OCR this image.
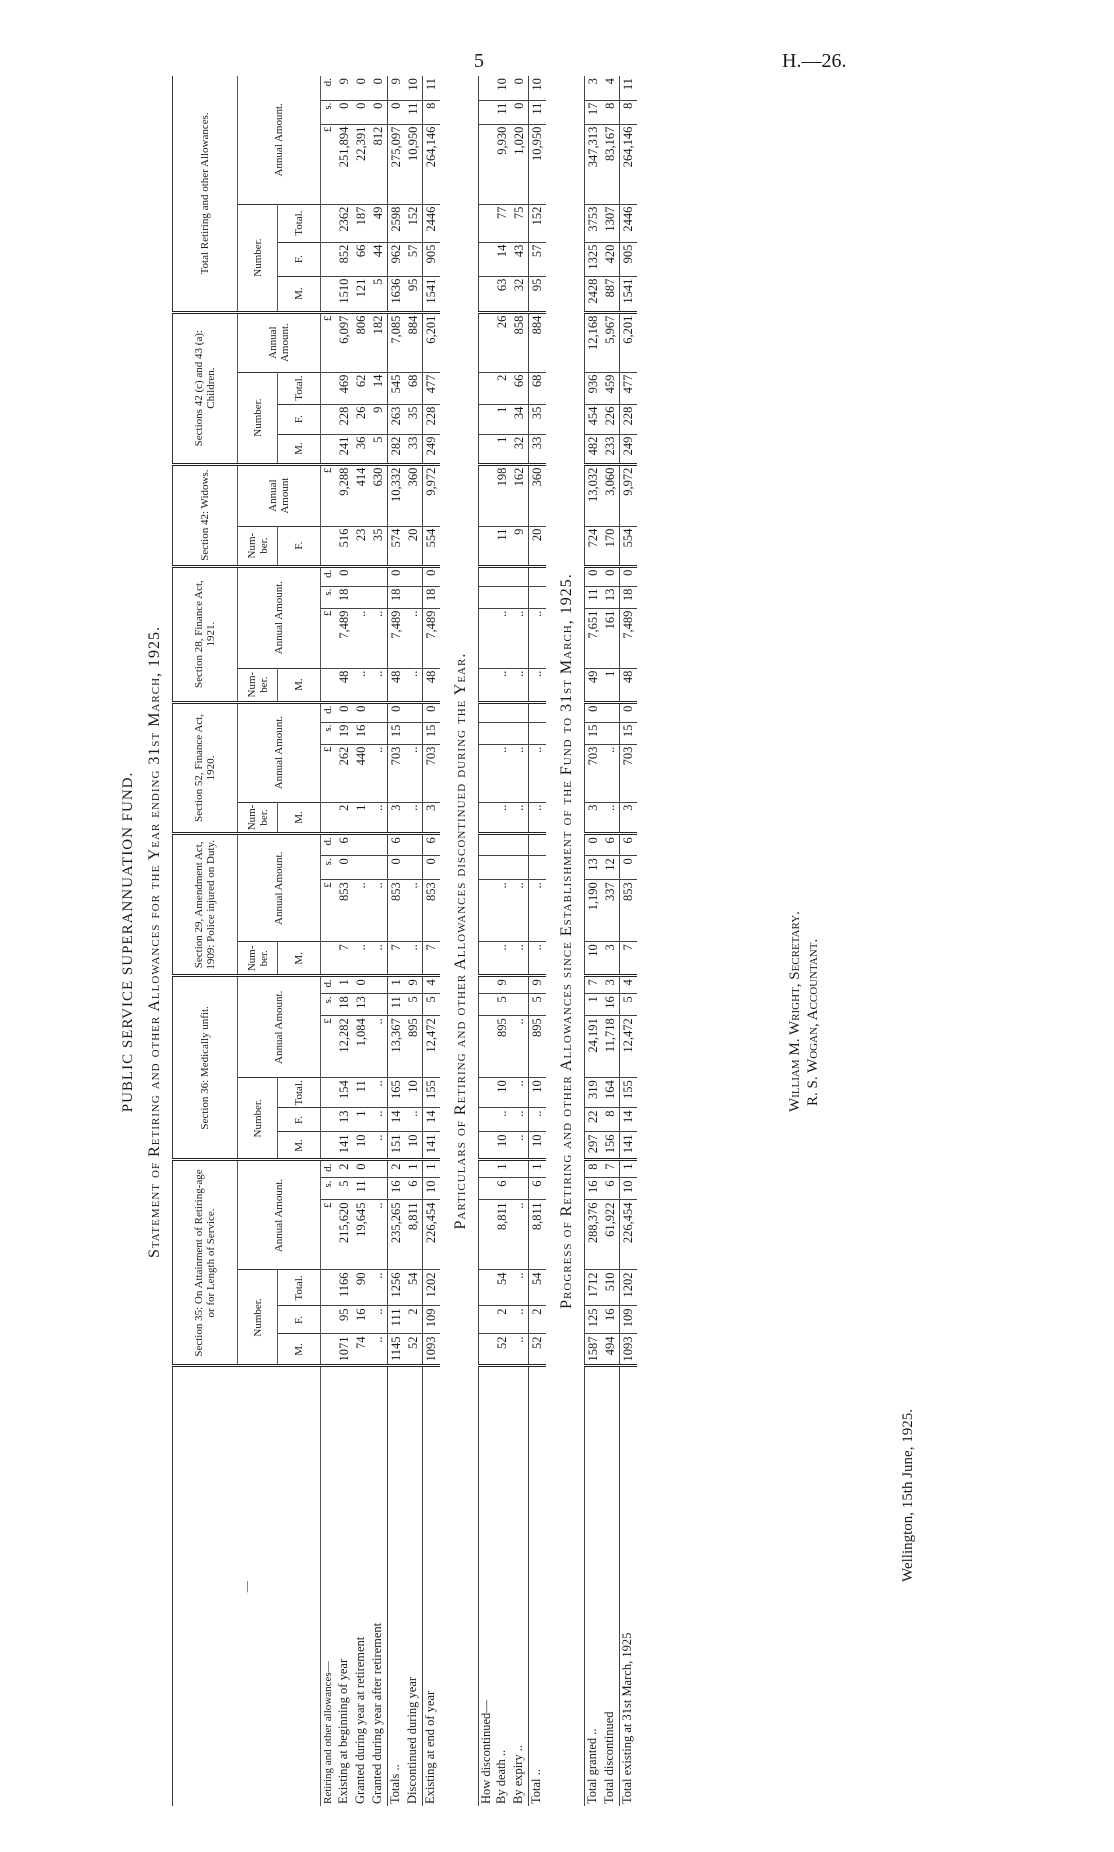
5	H.—26.
PUBLIC SERVICE SUPERANNUATION FUND. Statement of Retiring and other Allowances for the Year ending 31st March, 1925.
—	Section 35: On Attainment of Retiring-age or for Length of Service.						Section 36: Medically unfit.						Section 29, Amendment Act, 1909: Police injured on Duty.				Section 52, Finance Act, 1920.				Section 28, Finance Act, 1921.				Section 42: Widows.		Sections 42 (c) and 43 (a): Children.				Total Retiring and other Allowances.					
	Number.			Annual Amount.			Number.			Annual Amount.			Num-ber.	Annual Amount.			Num-ber.	Annual Amount.			Num-ber.	Annual Amount.			Num-ber.	Annual Amount	Number.			Annual Amount.	Number.			Annual Amount.		
	M.	F.	Total.				M.	F.	Total.				M.				M.				M.				F.		M.	F.	Total.		M.	F.	Total.			
Retiring and other allowances—				£	s.	d.				£	s.	d.		£	s.	d.		£	s.	d.		£	s.	d.		£				£				£	s.	d.
Existing at beginning of year	1071	95	1166	215,620	5	2	141	13	154	12,282	18	1	7	853	0	6	2	262	19	0	48	7,489	18	0	516	9,288	241	228	469	6,097	1510	852	2362	251,894	0	9
Granted during year at retirement	74	16	90	19,645	11	0	10	1	11	1,084	13	0	..	..			1	440	16	0	..	..			23	414	36	26	62	806	121	66	187	22,391	0	0
Granted during year after retirement	..	..	..	..			..	..	..	..			..	..			..	..			..	..			35	630	5	9	14	182	5	44	49	812	0	0
Totals ..	1145	111	1256	235,265	16	2	151	14	165	13,367	11	1	7	853	0	6	3	703	15	0	48	7,489	18	0	574	10,332	282	263	545	7,085	1636	962	2598	275,097	0	9
Discontinued during year	52	2	54	8,811	6	1	10	..	10	895	5	9	..	..			..	..			..	..			20	360	33	35	68	884	95	57	152	10,950	11	10
Existing at end of year	1093	109	1202	226,454	10	1	141	14	155	12,472	5	4	7	853	0	6	3	703	15	0	48	7,489	18	0	554	9,972	249	228	477	6,201	1541	905	2446	264,146	8	11
Particulars of Retiring and other Allowances discontinued during the Year.																																				
How discontinued—																																				
By death ..	52	2	54	8,811	6	1	10	..	10	895	5	9	..	..			..	..			..	..			11	198	1	1	2	26	63	14	77	9,930	11	10
By expiry ..	..	..	..	..			..	..	..	..			..	..			..	..			..	..			9	162	32	34	66	858	32	43	75	1,020	0	0
Total ..	52	2	54	8,811	6	1	10	..	10	895	5	9	..	..			..	..			..	..			20	360	33	35	68	884	95	57	152	10,950	11	10
Progress of Retiring and other Allowances since Establishment of the Fund to 31st March, 1925.																																				
Total granted ..	1587	125	1712	288,376	16	8	297	22	319	24,191	1	7	10	1,190	13	0	3	703	15	0	49	7,651	11	0	724	13,032	482	454	936	12,168	2428	1325	3753	347,313	17	3
Total discontinued	494	16	510	61,922	6	7	156	8	164	11,718	16	3	3	337	12	6	..	..			1	161	13	0	170	3,060	233	226	459	5,967	887	420	1307	83,167	8	4
Total existing at 31st March, 1925	1093	109	1202	226,454	10	1	141	14	155	12,472	5	4	7	853	0	6	3	703	15	0	48	7,489	18	0	554	9,972	249	228	477	6,201	1541	905	2446	264,146	8	11
William M. Wright, Secretary. R. S. Wogan, Accountant.
Wellington, 15th June, 1925.
